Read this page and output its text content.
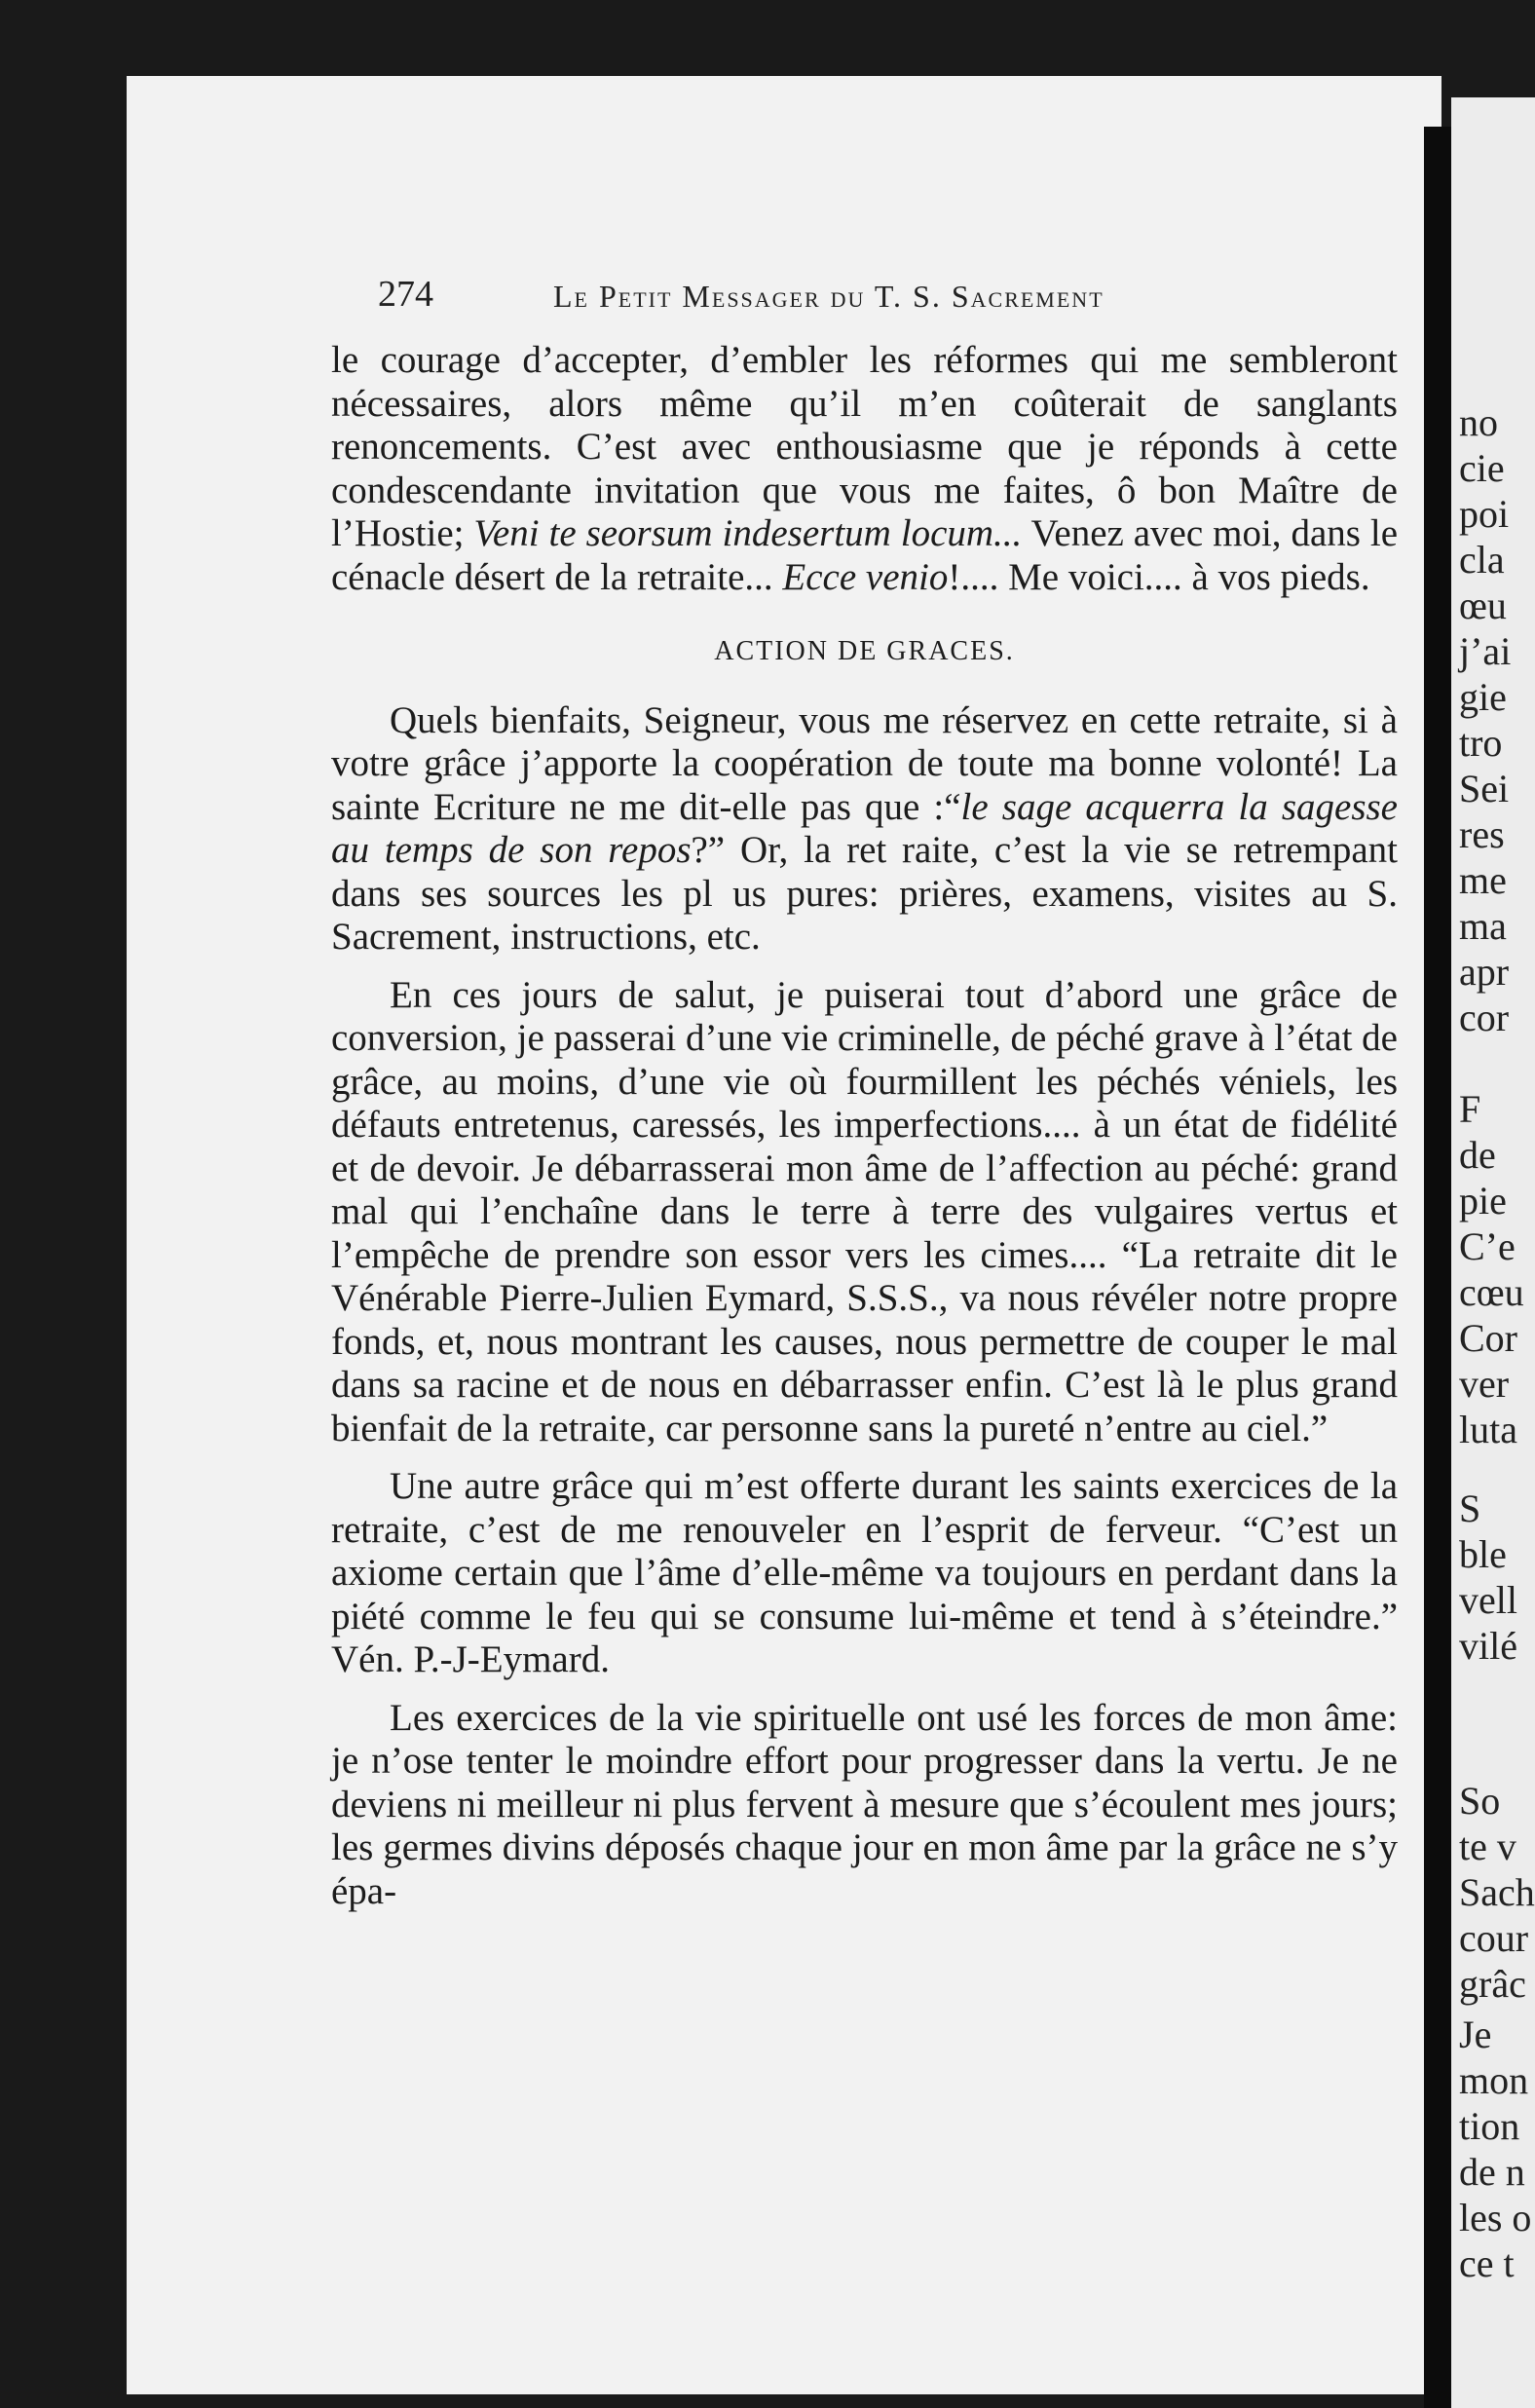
no
cie
poi
cla
œu
j’ai
gie
tro
Sei
res
me
ma
apr
cor
F
de
pie
C’e
cœu
Cor
ver
luta
S
ble
vell
vilé
So
te v
Sach
cour
grâc
Je
mon
tion
de n
les o
ce t
274	Le Petit Messager du T. S. Sacrement

le courage d’accepter, d’embler les réformes qui me sembleront nécessaires, alors même qu’il m’en coûterait de sanglants renoncements. C’est avec enthousiasme que je réponds à cette condescendante invitation que vous me faites, ô bon Maître de l’Hostie; Veni te seorsum indesertum locum... Venez avec moi, dans le cénacle désert de la retraite... Ecce venio!.... Me voici.... à vos pieds.

ACTION DE GRACES.

Quels bienfaits, Seigneur, vous me réservez en cette retraite, si à votre grâce j’apporte la coopération de toute ma bonne volonté! La sainte Ecriture ne me dit-elle pas que :“le sage acquerra la sagesse au temps de son repos?” Or, la ret raite, c’est la vie se retrempant dans ses sources les pl us pures: prières, examens, visites au S. Sacrement, instructions, etc.

En ces jours de salut, je puiserai tout d’abord une grâce de conversion, je passerai d’une vie criminelle, de péché grave à l’état de grâce, au moins, d’une vie où fourmillent les péchés véniels, les défauts entretenus, caressés, les imperfections.... à un état de fidélité et de devoir. Je débarrasserai mon âme de l’affection au péché: grand mal qui l’enchaîne dans le terre à terre des vulgaires vertus et l’empêche de prendre son essor vers les cimes.... “La retraite dit le Vénérable Pierre-Julien Eymard, S.S.S., va nous révéler notre propre fonds, et, nous montrant les causes, nous permettre de couper le mal dans sa racine et de nous en débarrasser enfin. C’est là le plus grand bienfait de la retraite, car personne sans la pureté n’entre au ciel.”

Une autre grâce qui m’est offerte durant les saints exercices de la retraite, c’est de me renouveler en l’esprit de ferveur. “C’est un axiome certain que l’âme d’elle-même va toujours en perdant dans la piété comme le feu qui se consume lui-même et tend à s’éteindre.” Vén. P.-J-Eymard.

Les exercices de la vie spirituelle ont usé les forces de mon âme: je n’ose tenter le moindre effort pour progresser dans la vertu. Je ne deviens ni meilleur ni plus fervent à mesure que s’écoulent mes jours; les germes divins déposés chaque jour en mon âme par la grâce ne s’y épa-
